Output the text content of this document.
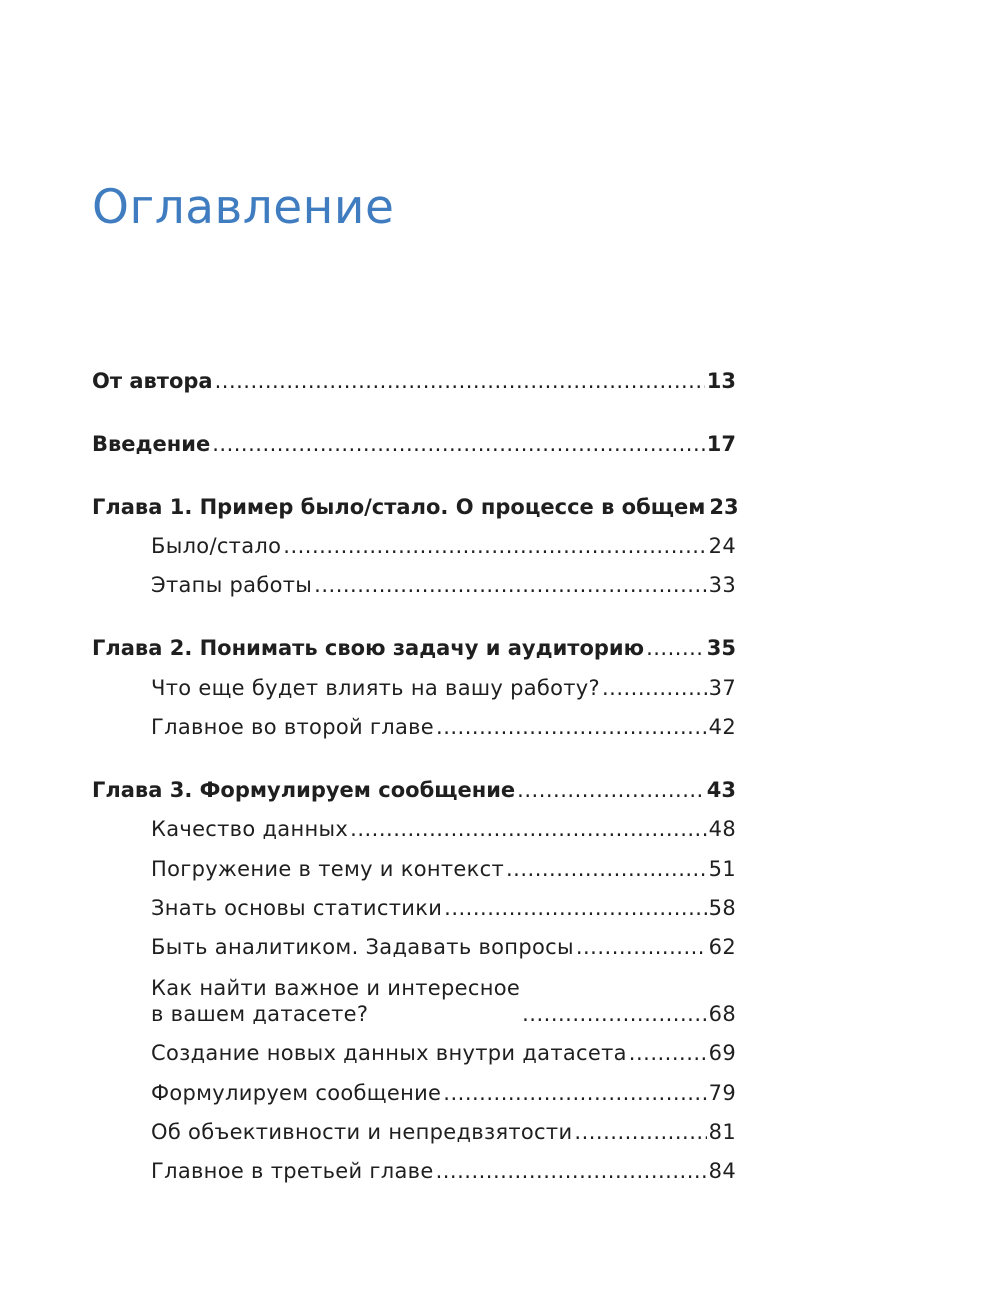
Оглавление
От автора .....	13
Введение .....	17
Глава 1. Пример было/стало. О процессе в общем 23
Было/стало .....	24
Этапы работы .....	33
Глава 2. Понимать свою задачу и аудиторию .....	35
Что еще будет влиять на вашу работу? .....	37
Главное во второй главе .....	42
Глава 3. Формулируем сообщение .....	43
Качество данных .....	48
Погружение в тему и контекст .....	51
Знать основы статистики .....	58
Быть аналитиком. Задавать вопросы .....	62
Как найти важное и интересное
в вашем датасете? .....	68
Создание новых данных внутри датасета .....	69
Формулируем сообщение .....	79
Об объективности и непредвзятости .....	81
Главное в третьей главе .....	84
